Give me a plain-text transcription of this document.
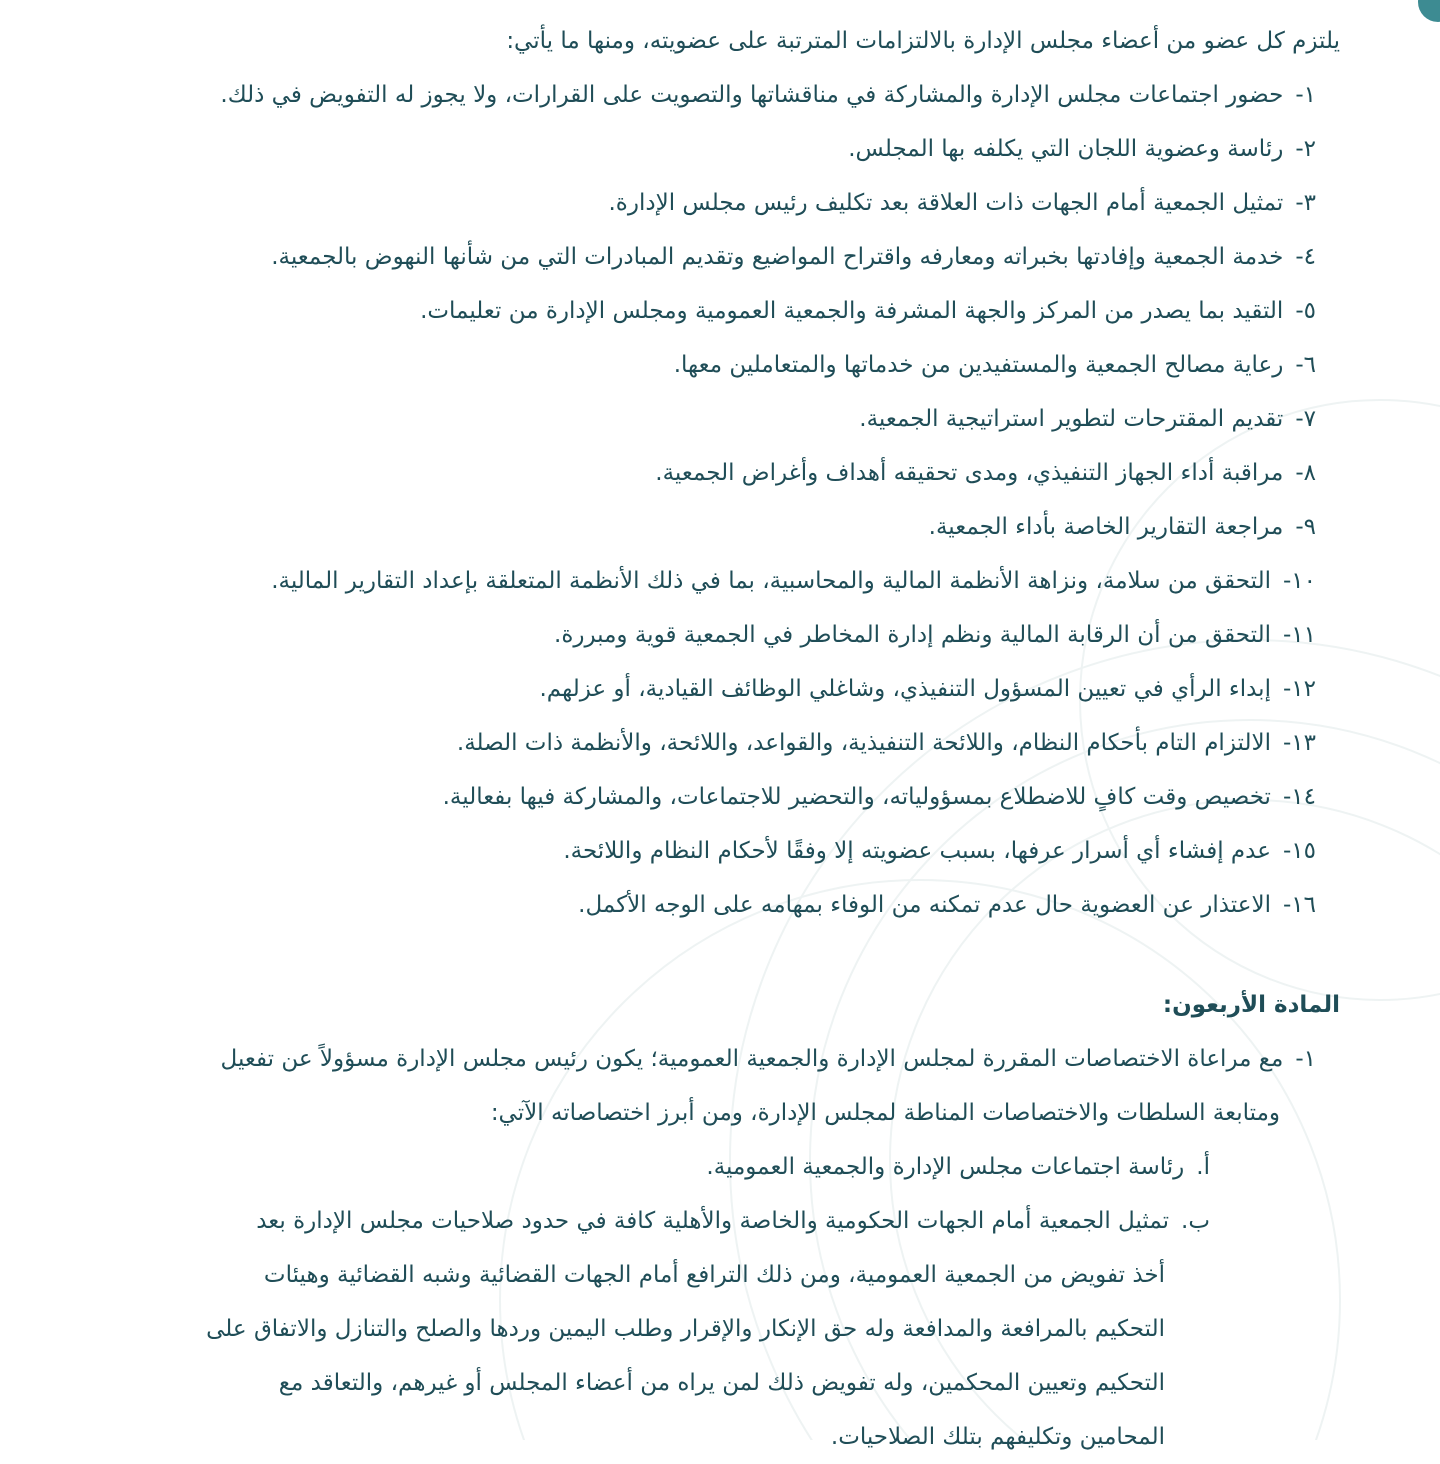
يلتزم كل عضو من أعضاء مجلس الإدارة بالالتزامات المترتبة على عضويته، ومنها ما يأتي:
١-حضور اجتماعات مجلس الإدارة والمشاركة في مناقشاتها والتصويت على القرارات، ولا يجوز له التفويض في ذلك.
٢-رئاسة وعضوية اللجان التي يكلفه بها المجلس.
٣-تمثيل الجمعية أمام الجهات ذات العلاقة بعد تكليف رئيس مجلس الإدارة.
٤-خدمة الجمعية وإفادتها بخبراته ومعارفه واقتراح المواضيع وتقديم المبادرات التي من شأنها النهوض بالجمعية.
٥-التقيد بما يصدر من المركز والجهة المشرفة والجمعية العمومية ومجلس الإدارة من تعليمات.
٦-رعاية مصالح الجمعية والمستفيدين من خدماتها والمتعاملين معها.
٧-تقديم المقترحات لتطوير استراتيجية الجمعية.
٨-مراقبة أداء الجهاز التنفيذي، ومدى تحقيقه أهداف وأغراض الجمعية.
٩-مراجعة التقارير الخاصة بأداء الجمعية.
١٠-التحقق من سلامة، ونزاهة الأنظمة المالية والمحاسبية، بما في ذلك الأنظمة المتعلقة بإعداد التقارير المالية.
١١-التحقق من أن الرقابة المالية ونظم إدارة المخاطر في الجمعية قوية ومبررة.
١٢-إبداء الرأي في تعيين المسؤول التنفيذي، وشاغلي الوظائف القيادية، أو عزلهم.
١٣-الالتزام التام بأحكام النظام، واللائحة التنفيذية، والقواعد، واللائحة، والأنظمة ذات الصلة.
١٤-تخصيص وقت كافٍ للاضطلاع بمسؤولياته، والتحضير للاجتماعات، والمشاركة فيها بفعالية.
١٥-عدم إفشاء أي أسرار عرفها، بسبب عضويته إلا وفقًا لأحكام النظام واللائحة.
١٦-الاعتذار عن العضوية حال عدم تمكنه من الوفاء بمهامه على الوجه الأكمل.
المادة الأربعون:
١-مع مراعاة الاختصاصات المقررة لمجلس الإدارة والجمعية العمومية؛ يكون رئيس مجلس الإدارة مسؤولاً عن تفعيل
ومتابعة السلطات والاختصاصات المناطة لمجلس الإدارة، ومن أبرز اختصاصاته الآتي:
أ.رئاسة اجتماعات مجلس الإدارة والجمعية العمومية.
ب.تمثيل الجمعية أمام الجهات الحكومية والخاصة والأهلية كافة في حدود صلاحيات مجلس الإدارة بعد
أخذ تفويض من الجمعية العمومية، ومن ذلك الترافع أمام الجهات القضائية وشبه القضائية وهيئات
التحكيم بالمرافعة والمدافعة وله حق الإنكار والإقرار وطلب اليمين وردها والصلح والتنازل والاتفاق على
التحكيم وتعيين المحكمين، وله تفويض ذلك لمن يراه من أعضاء المجلس أو غيرهم، والتعاقد مع
المحامين وتكليفهم بتلك الصلاحيات.
